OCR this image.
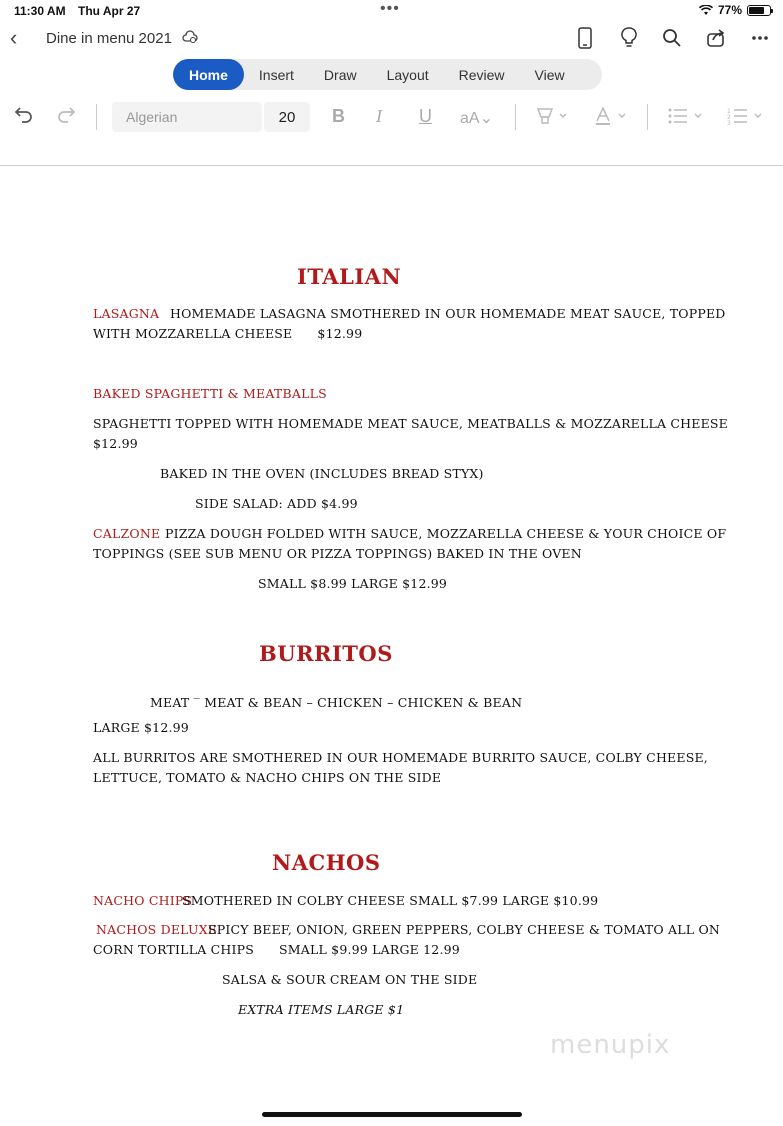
11:30 AM Thu Apr 27	•••	77%
‹ Dine in menu 2021
Home	Insert	Draw	Layout	Review	View
Algerian	20	B I U aA⌄	1
2
3
ITALIAN
LASAGNA HOMEMADE LASAGNA SMOTHERED IN OUR HOMEMADE MEAT SAUCE, TOPPED
WITH MOZZARELLA CHEESE      $12.99
BAKED SPAGHETTI & MEATBALLS
SPAGHETTI TOPPED WITH HOMEMADE MEAT SAUCE, MEATBALLS & MOZZARELLA CHEESE
$12.99
BAKED IN THE OVEN (INCLUDES BREAD STYX)
SIDE SALAD: ADD $4.99
CALZONE PIZZA DOUGH FOLDED WITH SAUCE, MOZZARELLA CHEESE & YOUR CHOICE OF
TOPPINGS (SEE SUB MENU OR PIZZA TOPPINGS) BAKED IN THE OVEN
SMALL $8.99 LARGE $12.99
BURRITOS
MEAT ‾ MEAT & BEAN – CHICKEN – CHICKEN & BEAN
LARGE $12.99
ALL BURRITOS ARE SMOTHERED IN OUR HOMEMADE BURRITO SAUCE, COLBY CHEESE,
LETTUCE, TOMATO & NACHO CHIPS ON THE SIDE
NACHOS
NACHO CHIPS
SMOTHERED IN COLBY CHEESE SMALL $7.99 LARGE $10.99
NACHOS DELUXE
SPICY BEEF, ONION, GREEN PEPPERS, COLBY CHEESE & TOMATO ALL ON
CORN TORTILLA CHIPS      SMALL $9.99 LARGE 12.99
SALSA & SOUR CREAM ON THE SIDE
EXTRA ITEMS LARGE $1
menupix
